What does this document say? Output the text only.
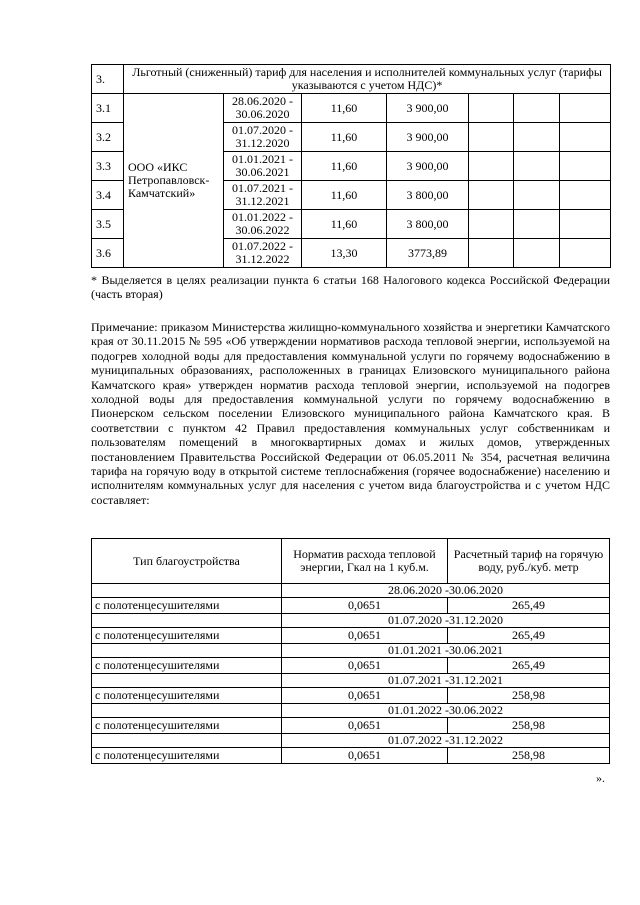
3.	Льготный (сниженный) тариф для населения и исполнителей коммунальных услуг (тарифы указываются с учетом НДС)*						
3.1	ООО «ИКС Петропавловск-Камчатский»	28.06.2020 - 30.06.2020	11,60	3 900,00			
3.2		01.07.2020 - 31.12.2020	11,60	3 900,00			
3.3		01.01.2021 - 30.06.2021	11,60	3 900,00			
3.4		01.07.2021 - 31.12.2021	11,60	3 800,00			
3.5		01.01.2022 - 30.06.2022	11,60	3 800,00			
3.6		01.07.2022 - 31.12.2022	13,30	3773,89			
* Выделяется в целях реализации пункта 6 статьи 168 Налогового кодекса Российской Федерации (часть вторая)
Примечание: приказом Министерства жилищно-коммунального хозяйства и энергетики Камчатского края от 30.11.2015 № 595 «Об утверждении нормативов расхода тепловой энергии, используемой на подогрев холодной воды для предоставления коммунальной услуги по горячему водоснабжению в муниципальных образованиях, расположенных в границах Елизовского муниципального района Камчатского края» утвержден норматив расхода тепловой энергии, используемой на подогрев холодной воды для предоставления коммунальной услуги по горячему водоснабжению в Пионерском сельском поселении Елизовского муниципального района Камчатского края. В соответствии с пунктом 42 Правил предоставления коммунальных услуг собственникам и пользователям помещений в многоквартирных домах и жилых домов, утвержденных постановлением Правительства Российской Федерации от 06.05.2011 № 354, расчетная величина тарифа на горячую воду в открытой системе теплоснабжения (горячее водоснабжение) населению и исполнителям коммунальных услуг для населения с учетом вида благоустройства и с учетом НДС составляет:
Тип благоустройства	Норматив расхода тепловой энергии, Гкал на 1 куб.м.	Расчетный тариф на горячую воду, руб./куб. метр
	28.06.2020 -30.06.2020	
с полотенцесушителями	0,0651	265,49
	01.07.2020 -31.12.2020	
с полотенцесушителями	0,0651	265,49
	01.01.2021 -30.06.2021	
с полотенцесушителями	0,0651	265,49
	01.07.2021 -31.12.2021	
с полотенцесушителями	0,0651	258,98
	01.01.2022 -30.06.2022	
с полотенцесушителями	0,0651	258,98
	01.07.2022 -31.12.2022	
с полотенцесушителями	0,0651	258,98
».
